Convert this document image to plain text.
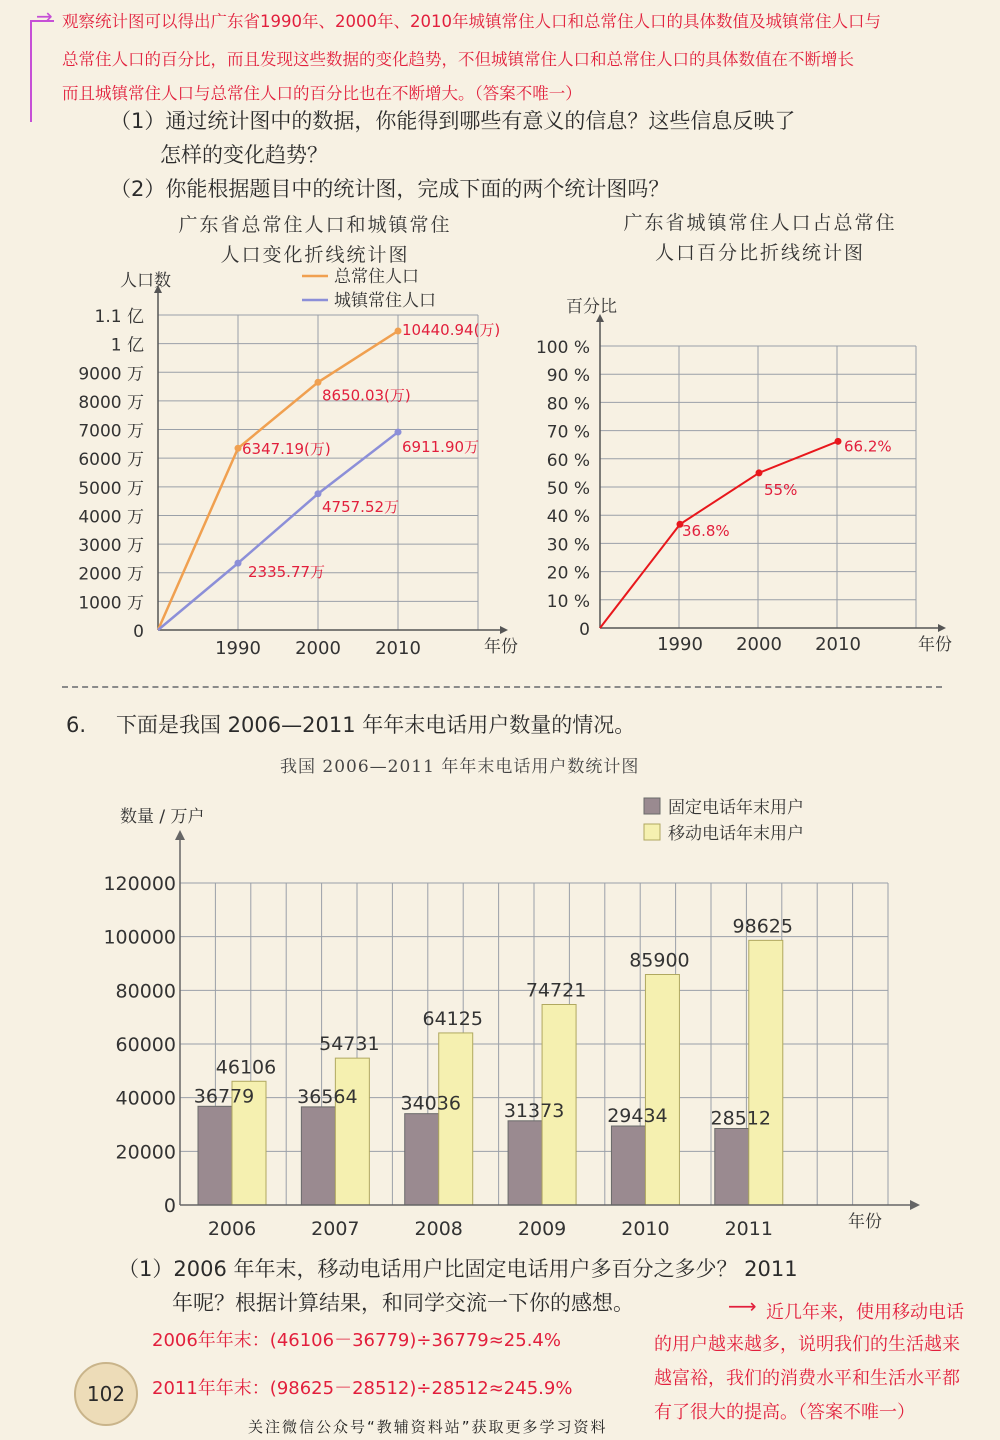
→ 观察统计图可以得出广东省1990年、2000年、2010年城镇常住人口和总常住人口的具体数值及城镇常住人口与
总常住人口的百分比，而且发现这些数据的变化趋势，不但城镇常住人口和总常住人口的具体数值在不断增长
而且城镇常住人口与总常住人口的百分比也在不断增大。（答案不唯一）
（1）通过统计图中的数据，你能得到哪些有意义的信息？这些信息反映了
怎样的变化趋势？
（2）你能根据题目中的统计图，完成下面的两个统计图吗？
广东省总常住人口和城镇常住
人口变化折线统计图
广东省城镇常住人口占总常住
人口百分比折线统计图
0
1000 万
2000 万
3000 万
4000 万
5000 万
6000 万
7000 万
8000 万
9000 万
1 亿
1.1 亿
1990 2000 2010	年份
人口数
6347.19(万)
8650.03(万)
10440.94(万)
2335.77万
4757.52万
6911.90万
总常住人口
城镇常住人口
0
10 %
20 %
30 %
40 %
50 %
60 %
70 %
80 %
90 %
100 %
1990 2000 2010	年份
百分比
36.8%
55%
66.2%
6. 下面是我国 2006—2011 年年末电话用户数量的情况。
我国 2006—2011 年年末电话用户数统计图
0
20000
40000
60000
80000
100000
120000
年份
数量 / 万户
36779
46106
2006
36564
54731
2007
34036
64125
2008
31373
74721
2009
29434
85900
2010
28512
98625
2011
固定电话年末用户
移动电话年末用户
（1）2006 年年末，移动电话用户比固定电话用户多百分之多少？ 2011
年呢？根据计算结果，和同学交流一下你的感想。	⟶
2006年年末：(46106－36779)÷36779≈25.4%
2011年年末：(98625－28512)÷28512≈245.9%
近几年来，使用移动电话
的用户越来越多，说明我们的生活越来
越富裕，我们的消费水平和生活水平都
有了很大的提高。（答案不唯一）
102
关注微信公众号“教辅资料站”获取更多学习资料
